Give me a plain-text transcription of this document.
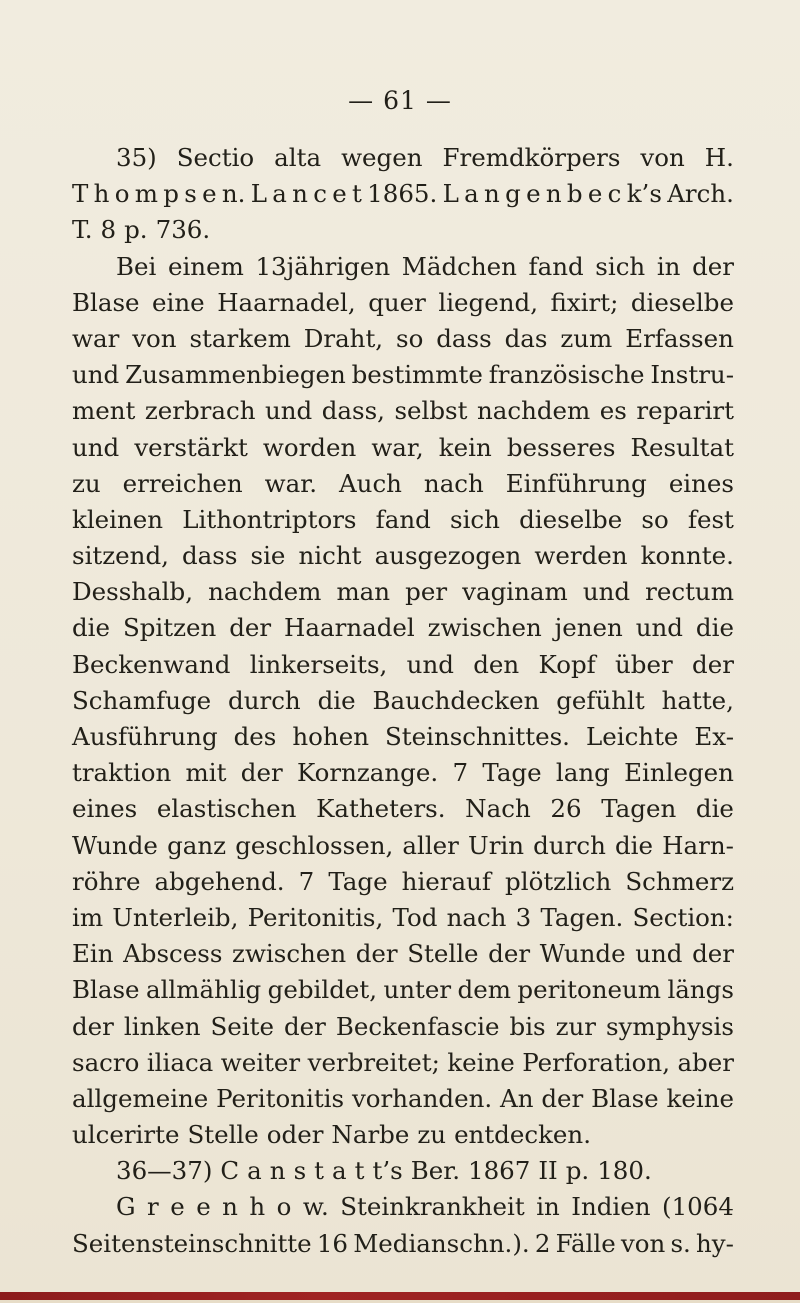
— 61 —
35) Sectio alta wegen Fremdkörpers von H.
T h o m p s e n. L a n c e t 1865. L a n g e n b e c k’s Arch.
T. 8 p. 736.
Bei einem 13jährigen Mädchen fand sich in der
Blase eine Haarnadel, quer liegend, fixirt; dieselbe
war von starkem Draht, so dass das zum Erfassen
und Zusammenbiegen bestimmte französische Instru-
ment zerbrach und dass, selbst nachdem es reparirt
und verstärkt worden war, kein besseres Resultat
zu erreichen war. Auch nach Einführung eines
kleinen Lithontriptors fand sich dieselbe so fest
sitzend, dass sie nicht ausgezogen werden konnte.
Desshalb, nachdem man per vaginam und rectum
die Spitzen der Haarnadel zwischen jenen und die
Beckenwand linkerseits, und den Kopf über der
Schamfuge durch die Bauchdecken gefühlt hatte,
Ausführung des hohen Steinschnittes. Leichte Ex-
traktion mit der Kornzange. 7 Tage lang Einlegen
eines elastischen Katheters. Nach 26 Tagen die
Wunde ganz geschlossen, aller Urin durch die Harn-
röhre abgehend. 7 Tage hierauf plötzlich Schmerz
im Unterleib, Peritonitis, Tod nach 3 Tagen. Section:
Ein Abscess zwischen der Stelle der Wunde und der
Blase allmählig gebildet, unter dem peritoneum längs
der linken Seite der Beckenfascie bis zur symphysis
sacro iliaca weiter verbreitet; keine Perforation, aber
allgemeine Peritonitis vorhanden. An der Blase keine
ulcerirte Stelle oder Narbe zu entdecken.
36—37) C a n s t a t t’s Ber. 1867 II p. 180.
G r e e n h o w. Steinkrankheit in Indien (1064
Seitensteinschnitte 16 Medianschn.). 2 Fälle von s. hy-
